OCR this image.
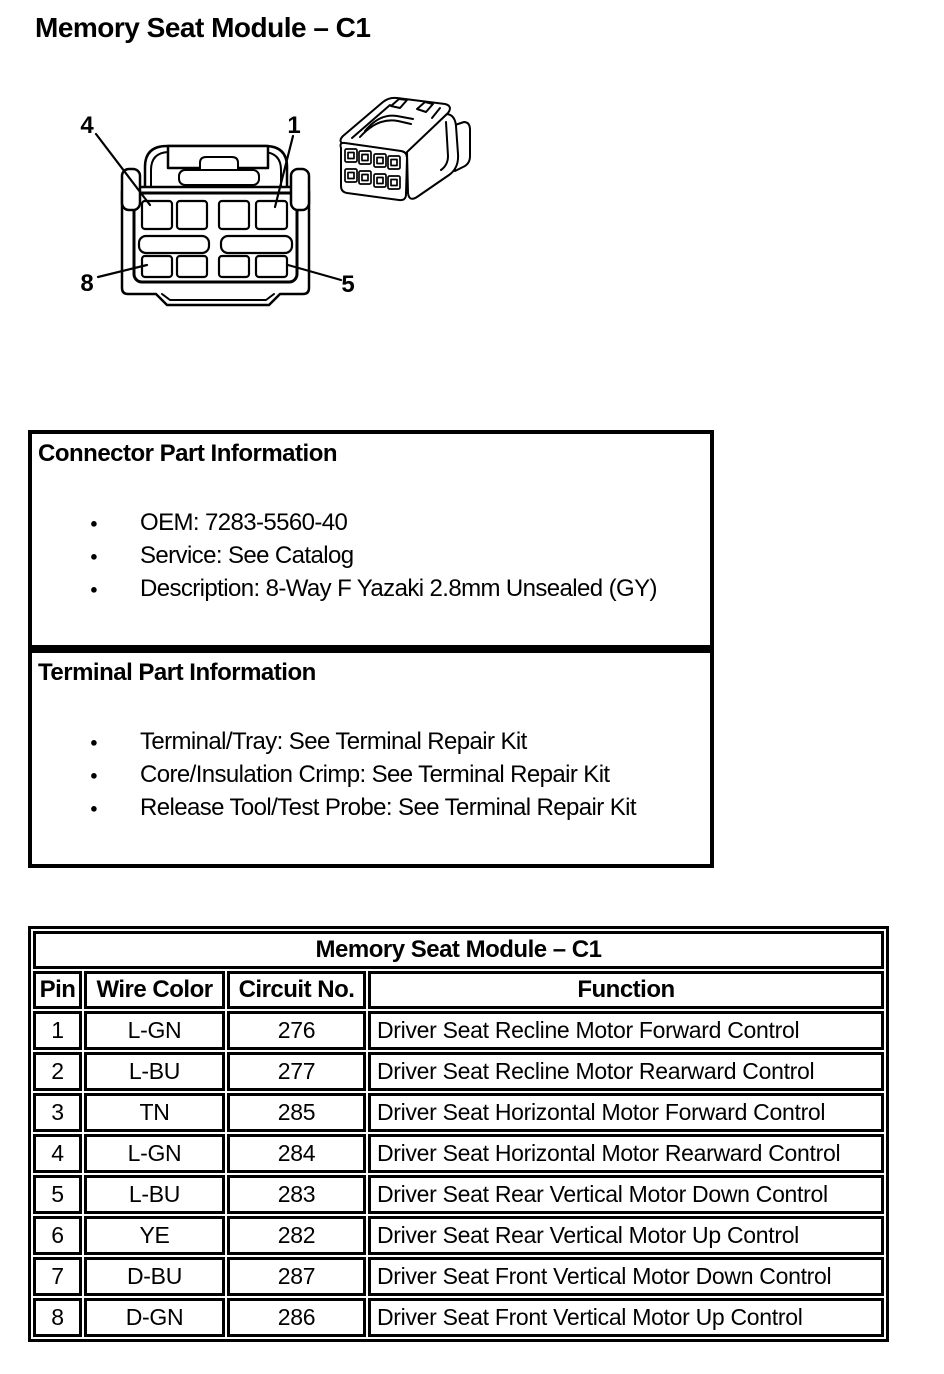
Memory Seat Module – C1
4	1
8	5
Connector Part Information
● OEM: 7283-5560-40
● Service: See Catalog
● Description: 8-Way F Yazaki 2.8mm Unsealed (GY)
Terminal Part Information
● Terminal/Tray: See Terminal Repair Kit
● Core/Insulation Crimp: See Terminal Repair Kit
● Release Tool/Test Probe: See Terminal Repair Kit
Memory Seat Module – C1			
Pin	Wire Color	Circuit No.	Function
1	L-GN	276	Driver Seat Recline Motor Forward Control
2	L-BU	277	Driver Seat Recline Motor Rearward Control
3	TN	285	Driver Seat Horizontal Motor Forward Control
4	L-GN	284	Driver Seat Horizontal Motor Rearward Control
5	L-BU	283	Driver Seat Rear Vertical Motor Down Control
6	YE	282	Driver Seat Rear Vertical Motor Up Control
7	D-BU	287	Driver Seat Front Vertical Motor Down Control
8	D-GN	286	Driver Seat Front Vertical Motor Up Control
